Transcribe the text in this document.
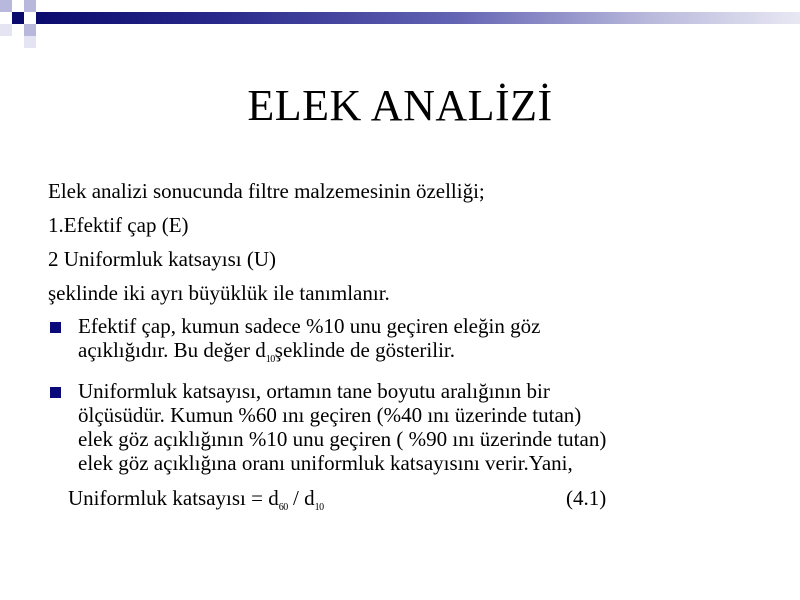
ELEK ANALİZİ
Elek analizi sonucunda filtre malzemesinin özelliği;
1.Efektif çap (E)
2 Uniformluk katsayısı (U)
şeklinde iki ayrı büyüklük ile tanımlanır.
Efektif çap, kumun sadece %10 unu geçiren eleğin göz
açıklığıdır. Bu değer $d_{10}şeklinde$ de gösterilir.
Uniformluk katsayısı, ortamın tane boyutu aralığının bir
ölçüsüdür. Kumun %60 ını geçiren (%40 ını üzerinde tutan)
elek göz açıklığının %10 unu geçiren ( %90 ını üzerinde tutan)
elek göz açıklığına oranı uniformluk katsayısını verir.Yani,
Uniformluk katsayısı = $d_{60} / d_{10}$	(4.1)
